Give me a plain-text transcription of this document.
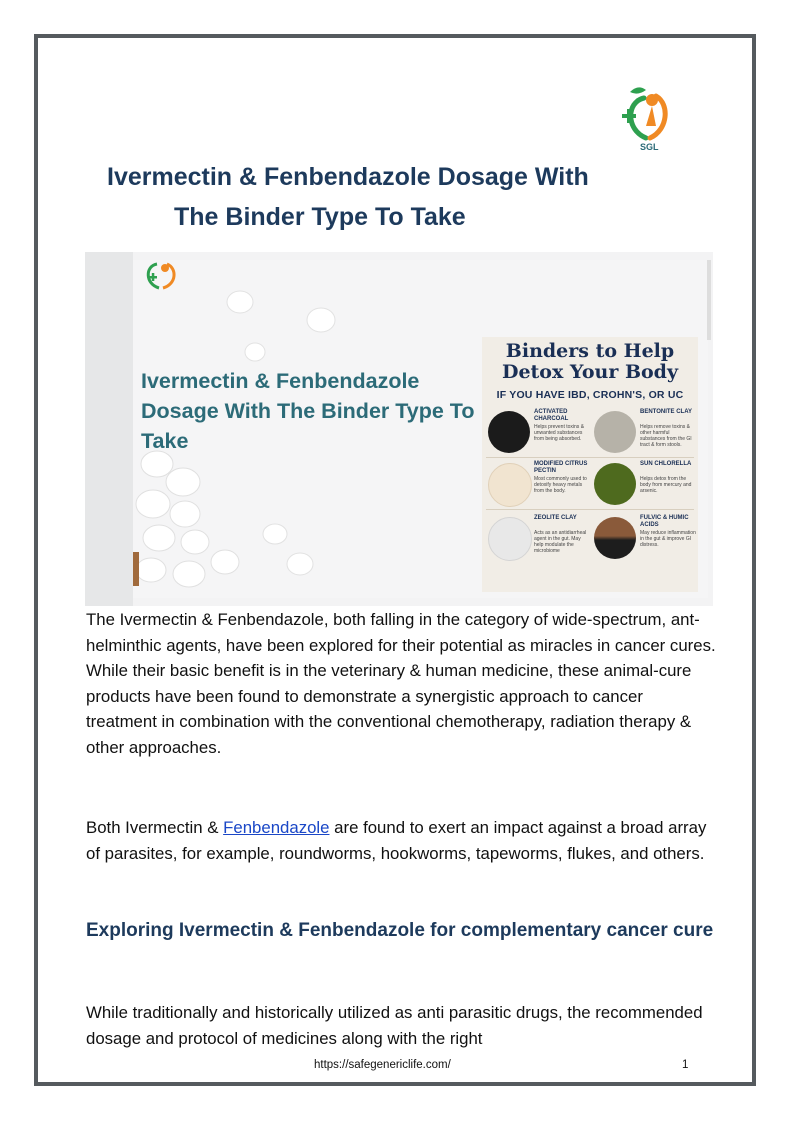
SGL
Ivermectin & Fenbendazole Dosage With
The Binder Type To Take
Ivermectin & Fenbendazole Dosage With The Binder Type To Take
Binders to Help Detox Your Body
IF YOU HAVE IBD, CROHN'S, OR UC
ACTIVATED CHARCOAL
Helps prevent toxins & unwanted substances from being absorbed.
BENTONITE CLAY
Helps remove toxins & other harmful substances from the GI tract & form stools.
MODIFIED CITRUS PECTIN
Most commonly used to detoxify heavy metals from the body.
SUN CHLORELLA
Helps detox from the body from mercury and arsenic.
ZEOLITE CLAY
Acts as an antidiarrheal agent in the gut. May help modulate the microbiome
FULVIC & HUMIC ACIDS
May reduce inflammation in the gut & improve GI distress.
The Ivermectin & Fenbendazole, both falling in the category of wide-spectrum, ant-helminthic agents, have been explored for their potential as miracles in cancer cures. While their basic benefit is in the veterinary & human medicine, these animal-cure products have been found to demonstrate a synergistic approach to cancer treatment in combination with the conventional chemotherapy, radiation therapy & other approaches.
Both Ivermectin & Fenbendazole are found to exert an impact against a broad array of parasites, for example, roundworms, hookworms, tapeworms, flukes, and others.
Exploring Ivermectin & Fenbendazole for complementary cancer cure
While traditionally and historically utilized as anti parasitic drugs, the recommended dosage and protocol of medicines along with the right
https://safegenericlife.com/	1
